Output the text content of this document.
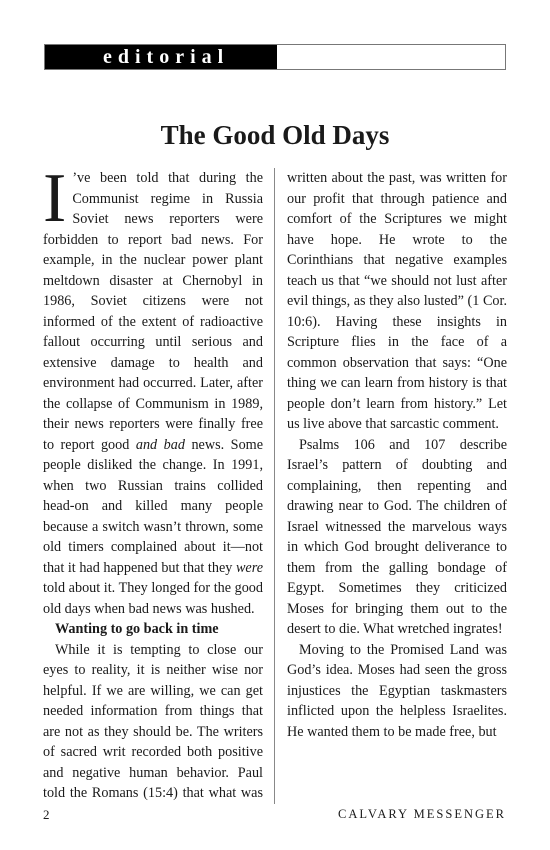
editorial
The Good Old Days

I ’ve been told that during the Communist regime in Russia Soviet news reporters were forbidden to report bad news. For example, in the nuclear power plant meltdown disaster at Chernobyl in 1986, Soviet citizens were not informed of the extent of radioactive fallout occurring until serious and extensive damage to health and environment had occurred. Later, after the collapse of Communism in 1989, their news reporters were finally free to report good and bad news. Some people disliked the change. In 1991, when two Russian trains collided head-on and killed many people because a switch wasn’t thrown, some old timers complained about it—not that it had happened but that they were told about it. They longed for the good old days when bad news was hushed.

Wanting to go back in time

While it is tempting to close our eyes to reality, it is neither wise nor helpful. If we are willing, we can get needed information from things that are not as they should be. The writers of sacred writ recorded both positive and negative human behavior. Paul told the Romans (15:4) that what was

written about the past, was written for our profit that through patience and comfort of the Scriptures we might have hope. He wrote to the Corinthians that negative examples teach us that “we should not lust after evil things, as they also lusted” (1 Cor. 10:6). Having these insights in Scripture flies in the face of a common observation that says: “One thing we can learn from history is that people don’t learn from history.” Let us live above that sarcastic comment.

Psalms 106 and 107 describe Israel’s pattern of doubting and complaining, then repenting and drawing near to God. The children of Israel witnessed the marvelous ways in which God brought deliverance to them from the galling bondage of Egypt. Sometimes they criticized Moses for bringing them out to the desert to die. What wretched ingrates!

Moving to the Promised Land was God’s idea. Moses had seen the gross injustices the Egyptian taskmasters inflicted upon the helpless Israelites. He wanted them to be made free, but

2	CALVARY MESSENGER
